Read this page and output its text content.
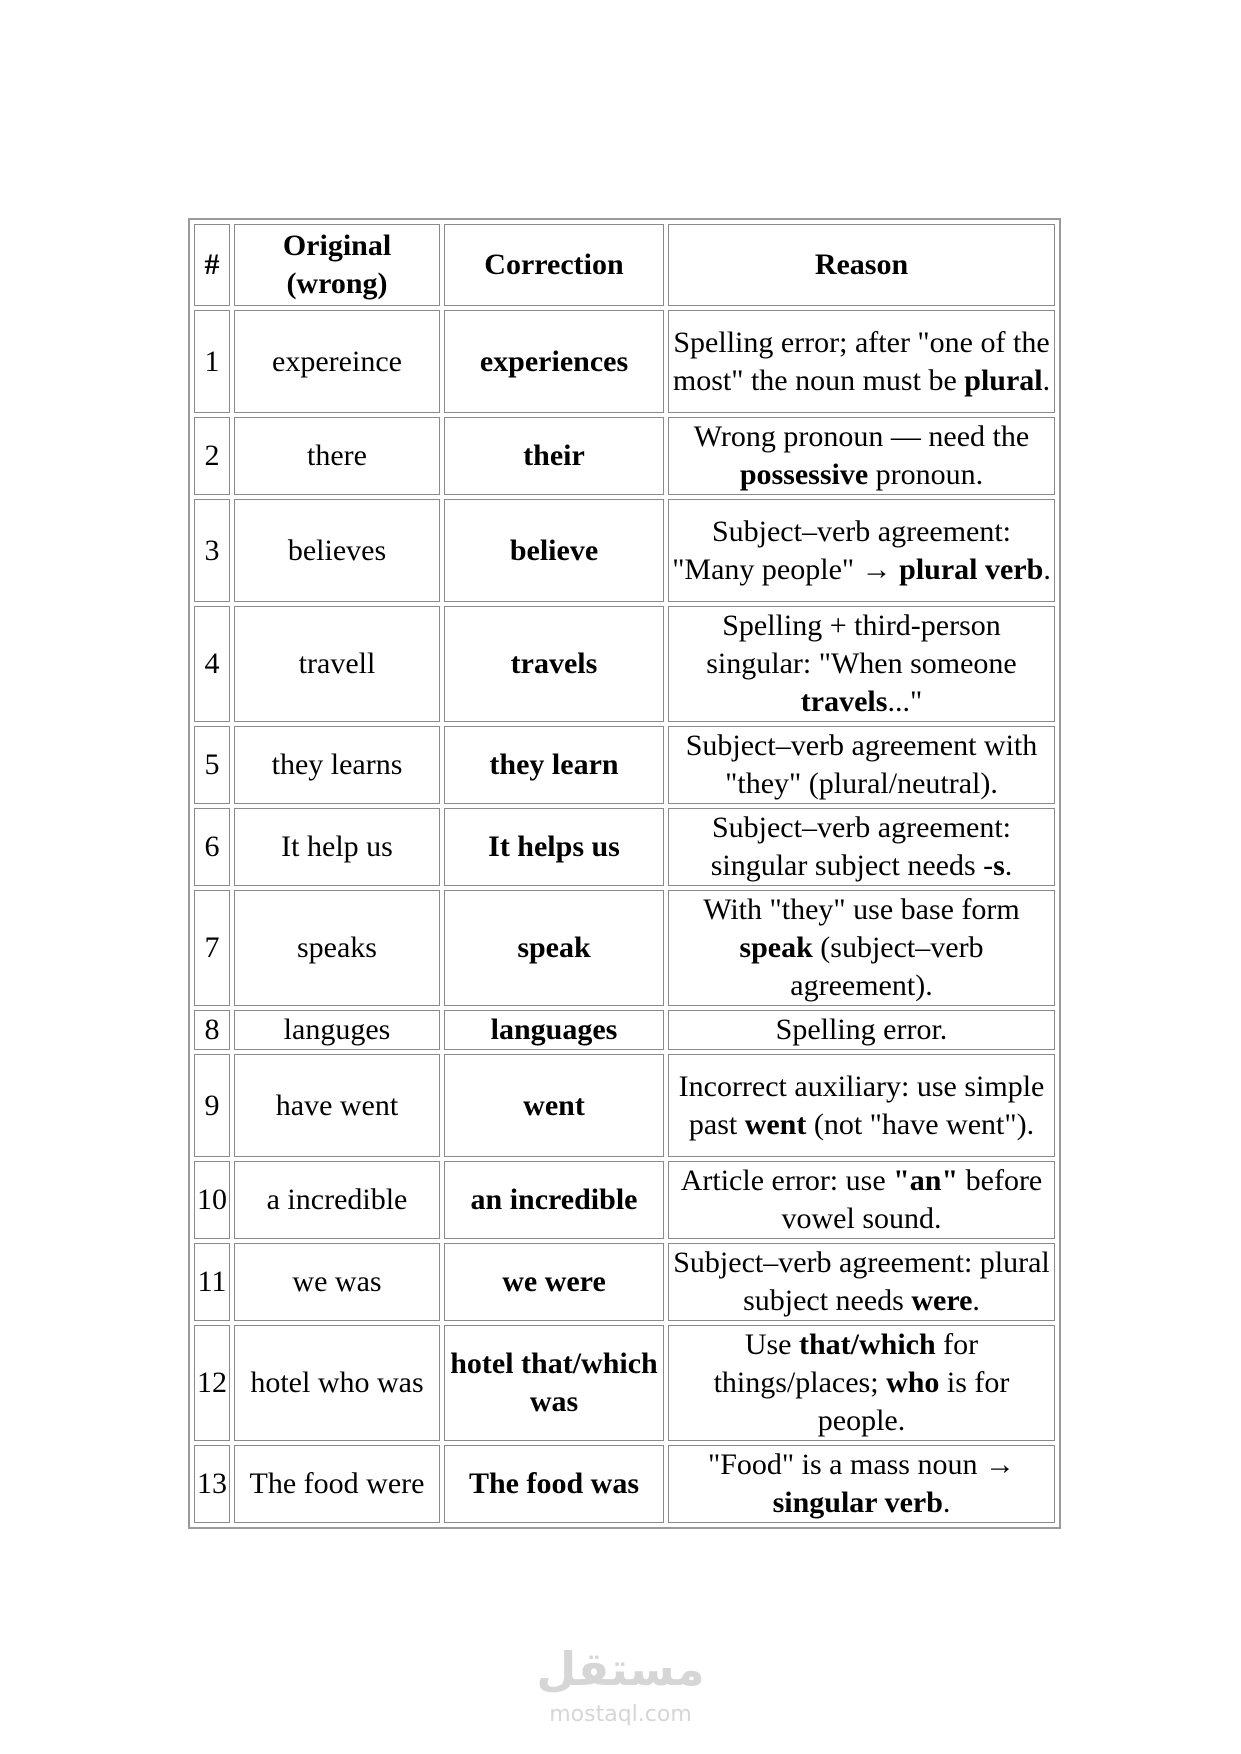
#	Original (wrong)	Correction	Reason
1	expereince	experiences	Spelling error; after "one of the most" the noun must be plural.
2	there	their	Wrong pronoun — need the possessive pronoun.
3	believes	believe	Subject–verb agreement: "Many people" → plural verb.
4	travell	travels	Spelling + third-person singular: "When someone travels..."
5	they learns	they learn	Subject–verb agreement with "they" (plural/neutral).
6	It help us	It helps us	Subject–verb agreement: singular subject needs -s.
7	speaks	speak	With "they" use base form speak (subject–verb agreement).
8	languges	languages	Spelling error.
9	have went	went	Incorrect auxiliary: use simple past went (not "have went").
10	a incredible	an incredible	Article error: use "an" before vowel sound.
11	we was	we were	Subject–verb agreement: plural subject needs were.
12	hotel who was	hotel that/which was	Use that/which for things/places; who is for people.
13	The food were	The food was	"Food" is a mass noun → singular verb.
مستقل
mostaql.com
